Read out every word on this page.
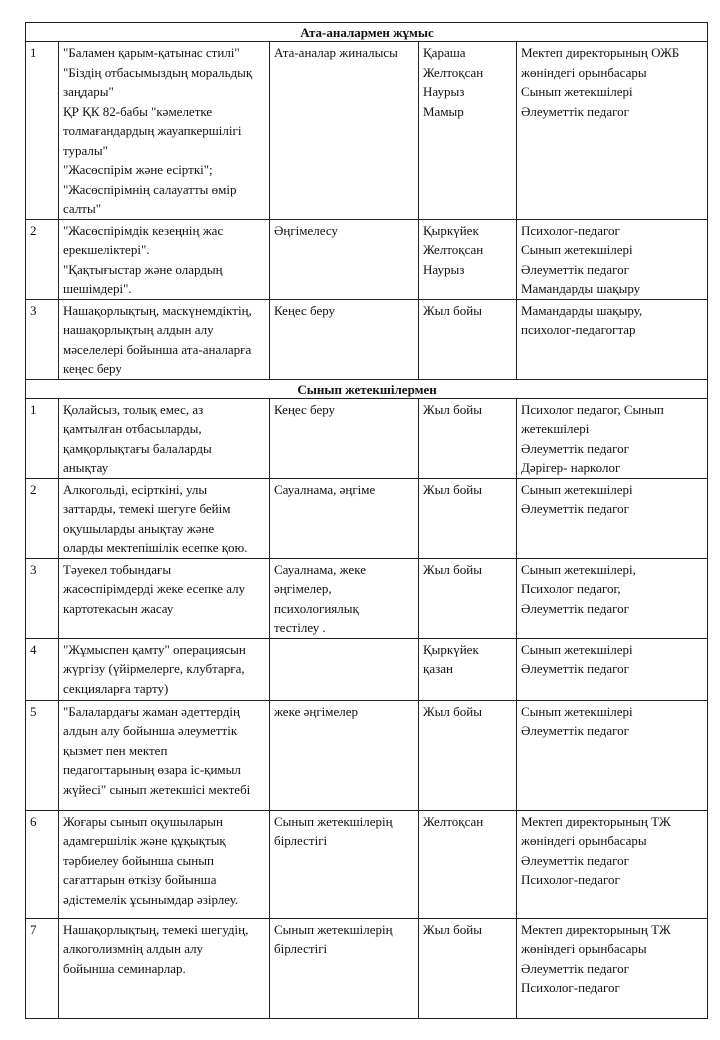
Ата-аналармен жұмыс				
1	"Баламен қарым-қатынас стилі"
"Біздің отбасымыздың моральдық
заңдары"
ҚР ҚК 82-бабы "кәмелетке
толмағандардың жауапкершілігі
туралы"
"Жасөспірім және есірткі";
"Жасөспірімнің салауатты өмір
салты"

Ата-аналар жиналысы	Қараша
Желтоқсан
Наурыз
Мамыр

Мектеп директорының ОЖБ
жөніндегі орынбасары
Сынып жетекшілері
Әлеуметтік педагог

2	"Жасөспірімдік кезеңнің жас
ерекшеліктері".
"Қақтығыстар және олардың
шешімдері".	Әңгімелесу	Қыркүйек
Желтоқсан
Наурыз	Психолог-педагог
Сынып жетекшілері
Әлеуметтік педагог
Мамандарды шақыру

3	Нашақорлықтың, маскүнемдіктің,
нашақорлықтың алдын алу
мәселелері бойынша ата-аналарға
кеңес беру	Кеңес беру	Жыл бойы	Мамандарды шақыру,
психолог-педагогтар

Сынып жетекшілермен				
1	Қолайсыз, толық емес, аз
қамтылған отбасыларды,
қамқорлықтағы балаларды
анықтау	Кеңес беру	Жыл бойы	Психолог педагог, Сынып
жетекшілері
Әлеуметтік педагог
Дәрігер- нарколог

2	Алкогольді, есірткіні, улы
заттарды, темекі шегуге бейім
оқушыларды анықтау және
оларды мектепішілік есепке қою.	Сауалнама, әңгіме	Жыл бойы	Сынып жетекшілері
Әлеуметтік педагог

3	Тәуекел тобындағы
жасөспірімдерді жеке есепке алу
картотекасын жасау	Сауалнама, жеке
әңгімелер,
психологиялық
тестілеу .	Жыл бойы	Сынып жетекшілері,
Психолог педагог,
Әлеуметтік педагог

4	"Жұмыспен қамту" операциясын
жүргізу (үйірмелерге, клубтарға,
секцияларға тарту)		Қыркүйек
қазан	Сынып жетекшілері
Әлеуметтік педагог

5	"Балалардағы жаман әдеттердің
алдын алу бойынша әлеуметтік
қызмет пен мектеп
педагогтарының өзара іс-қимыл
жүйесі" сынып жетекшісі мектебі	жеке әңгімелер	Жыл бойы	Сынып жетекшілері
Әлеуметтік педагог

6	Жоғары сынып оқушыларын
адамгершілік және құқықтық
тәрбиелеу бойынша сынып
сағаттарын өткізу бойынша
әдістемелік ұсынымдар әзірлеу.	Сынып жетекшілерің
бірлестігі	Желтоқсан	Мектеп директорының ТЖ
жөніндегі орынбасары
Әлеуметтік педагог
Психолог-педагог

7	Нашақорлықтың, темекі шегудің,
алкоголизмнің алдын алу
бойынша семинарлар.	Сынып жетекшілерің
бірлестігі	Жыл бойы	Мектеп директорының ТЖ
жөніндегі орынбасары
Әлеуметтік педагог
Психолог-педагог
